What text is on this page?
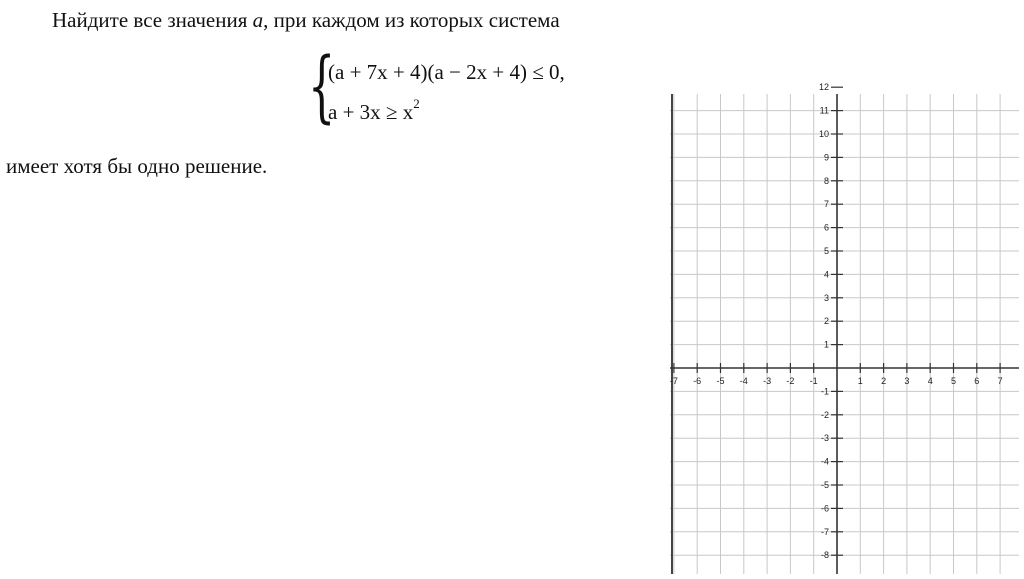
Найдите все значения a, при каждом из которых система
{
(a + 7x + 4)(a − 2x + 4) ≤ 0,
$a + 3x \ge x^2$
имеет хотя бы одно решение.
-7 -6 -5 -4 -3 -2 -1	1 2 3 4 5 6 7
12
11
10
9
8
7
6
5
4
3
2
1
-1
-2
-3
-4
-5
-6
-7
-8
